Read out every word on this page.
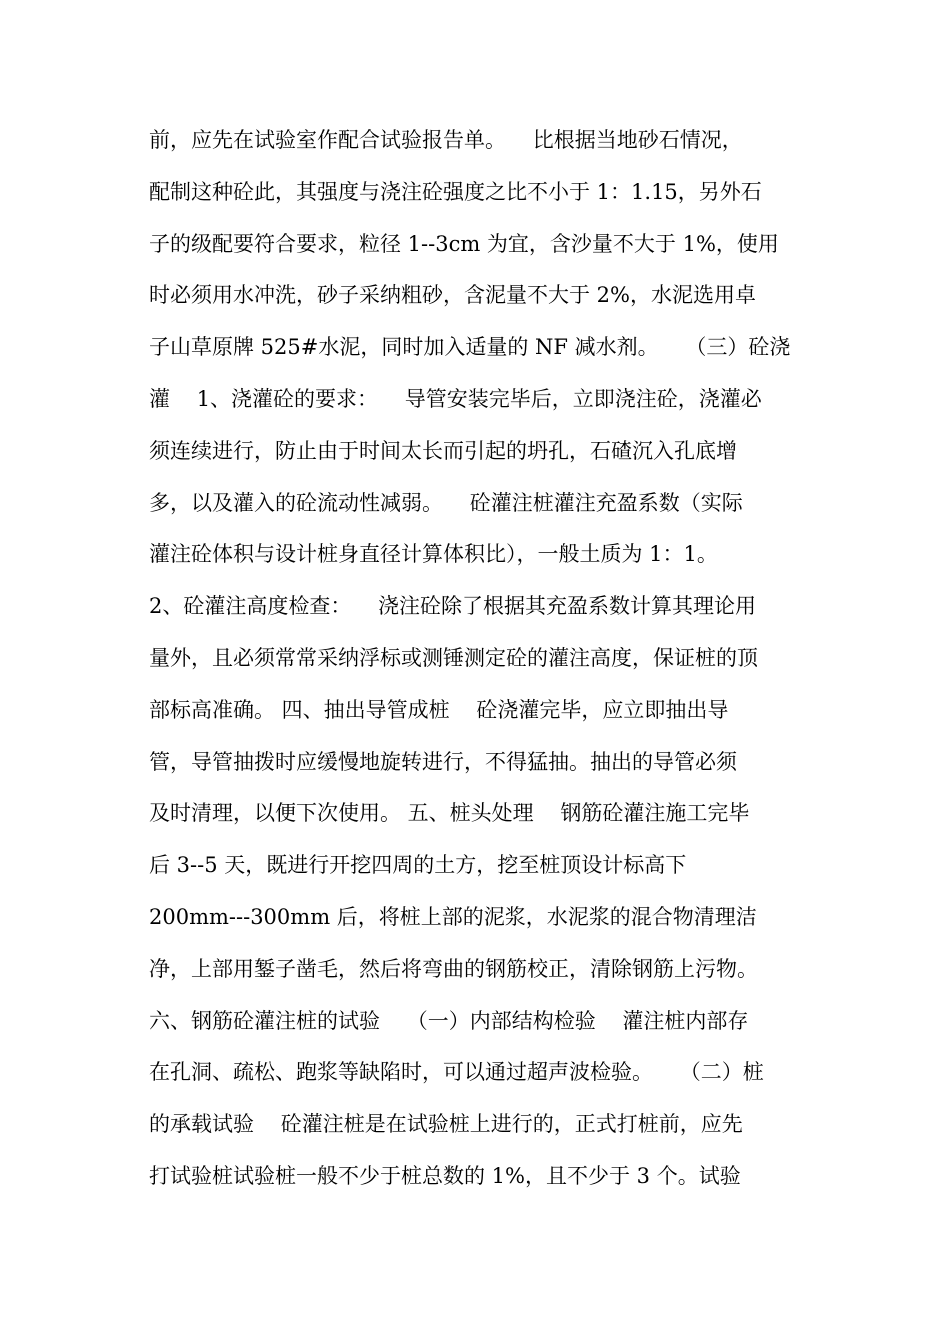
前，应先在试验室作配合试验报告单。    比根据当地砂石情况，
配制这种砼此，其强度与浇注砼强度之比不小于 1：1.15，另外石
子的级配要符合要求，粒径 1--3cm 为宜，含沙量不大于 1%，使用
时必须用水冲洗，砂子采纳粗砂，含泥量不大于 2%，水泥选用卓
子山草原牌 525#水泥，同时加入适量的 NF 减水剂。    （三）砼浇
灌    1、浇灌砼的要求：    导管安装完毕后，立即浇注砼，浇灌必
须连续进行，防止由于时间太长而引起的坍孔，石碴沉入孔底增
多，以及灌入的砼流动性减弱。    砼灌注桩灌注充盈系数（实际
灌注砼体积与设计桩身直径计算体积比），一般土质为 1：1。
2、砼灌注高度检查：    浇注砼除了根据其充盈系数计算其理论用
量外，且必须常常采纳浮标或测锤测定砼的灌注高度，保证桩的顶
部标高准确。 四、抽出导管成桩    砼浇灌完毕，应立即抽出导
管，导管抽拨时应缓慢地旋转进行，不得猛抽。抽出的导管必须
及时清理，以便下次使用。 五、桩头处理    钢筋砼灌注施工完毕
后 3--5 天，既进行开挖四周的土方，挖至桩顶设计标高下
200mm---300mm 后，将桩上部的泥浆，水泥浆的混合物清理洁
净，上部用錾子凿毛，然后将弯曲的钢筋校正，清除钢筋上污物。
六、钢筋砼灌注桩的试验    （一）内部结构检验    灌注桩内部存
在孔洞、疏松、跑浆等缺陷时，可以通过超声波检验。    （二）桩
的承载试验    砼灌注桩是在试验桩上进行的，正式打桩前，应先
打试验桩试验桩一般不少于桩总数的 1%，且不少于 3 个。试验
